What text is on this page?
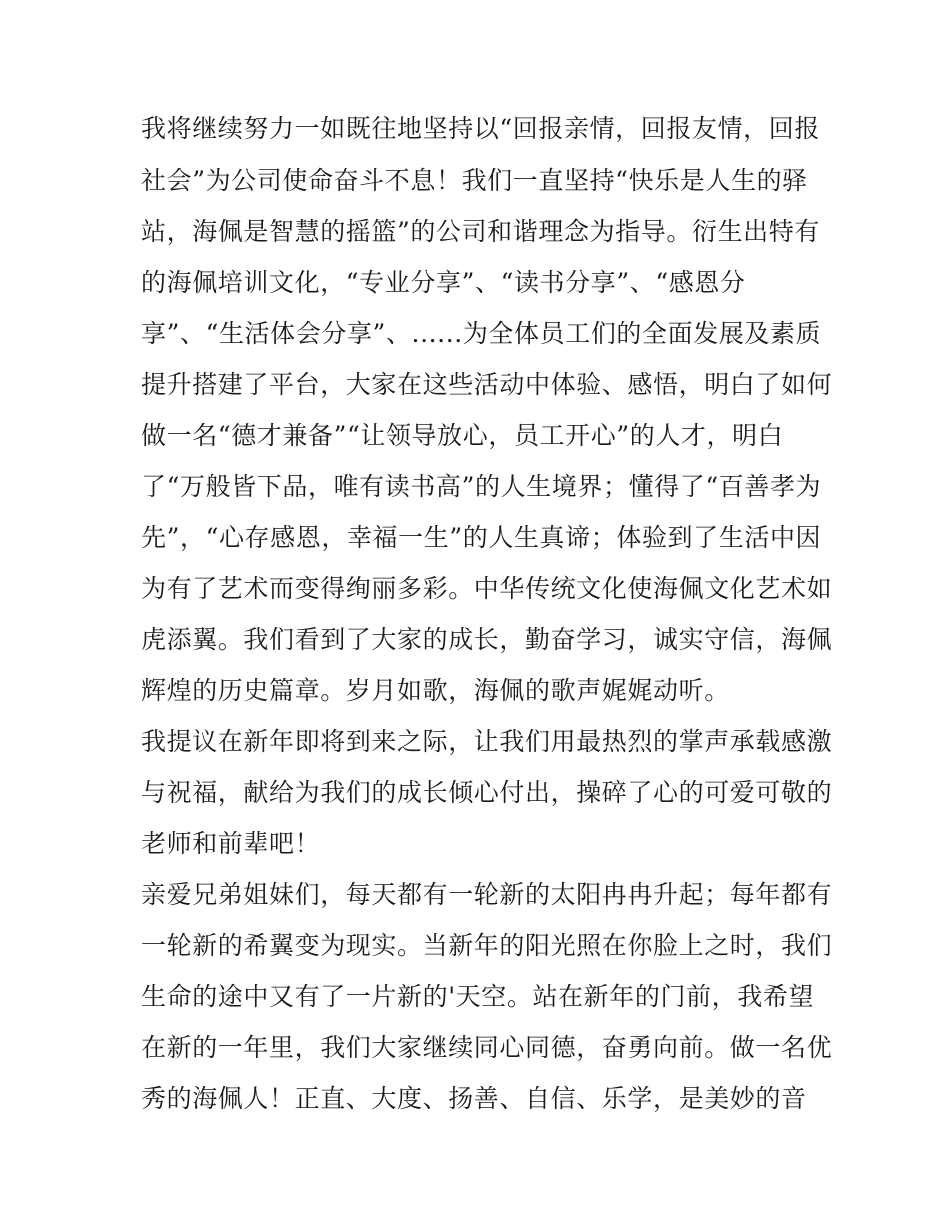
我将继续努力一如既往地坚持以“回报亲情，回报友情，回报
社会”为公司使命奋斗不息！我们一直坚持“快乐是人生的驿
站，海佩是智慧的摇篮”的公司和谐理念为指导。衍生出特有
的海佩培训文化，“专业分享”、“读书分享”、“感恩分
享”、“生活体会分享”、......为全体员工们的全面发展及素质
提升搭建了平台，大家在这些活动中体验、感悟，明白了如何
做一名“德才兼备”“让领导放心，员工开心”的人才，明白
了“万般皆下品，唯有读书高”的人生境界；懂得了“百善孝为
先”，“心存感恩，幸福一生”的人生真谛；体验到了生活中因
为有了艺术而变得绚丽多彩。中华传统文化使海佩文化艺术如
虎添翼。我们看到了大家的成长，勤奋学习，诚实守信，海佩
辉煌的历史篇章。岁月如歌，海佩的歌声娓娓动听。
我提议在新年即将到来之际，让我们用最热烈的掌声承载感激
与祝福，献给为我们的成长倾心付出，操碎了心的可爱可敬的
老师和前辈吧！
亲爱兄弟姐妹们，每天都有一轮新的太阳冉冉升起；每年都有
一轮新的希翼变为现实。当新年的阳光照在你脸上之时，我们
生命的途中又有了一片新的'天空。站在新年的门前，我希望
在新的一年里，我们大家继续同心同德，奋勇向前。做一名优
秀的海佩人！正直、大度、扬善、自信、乐学，是美妙的音
